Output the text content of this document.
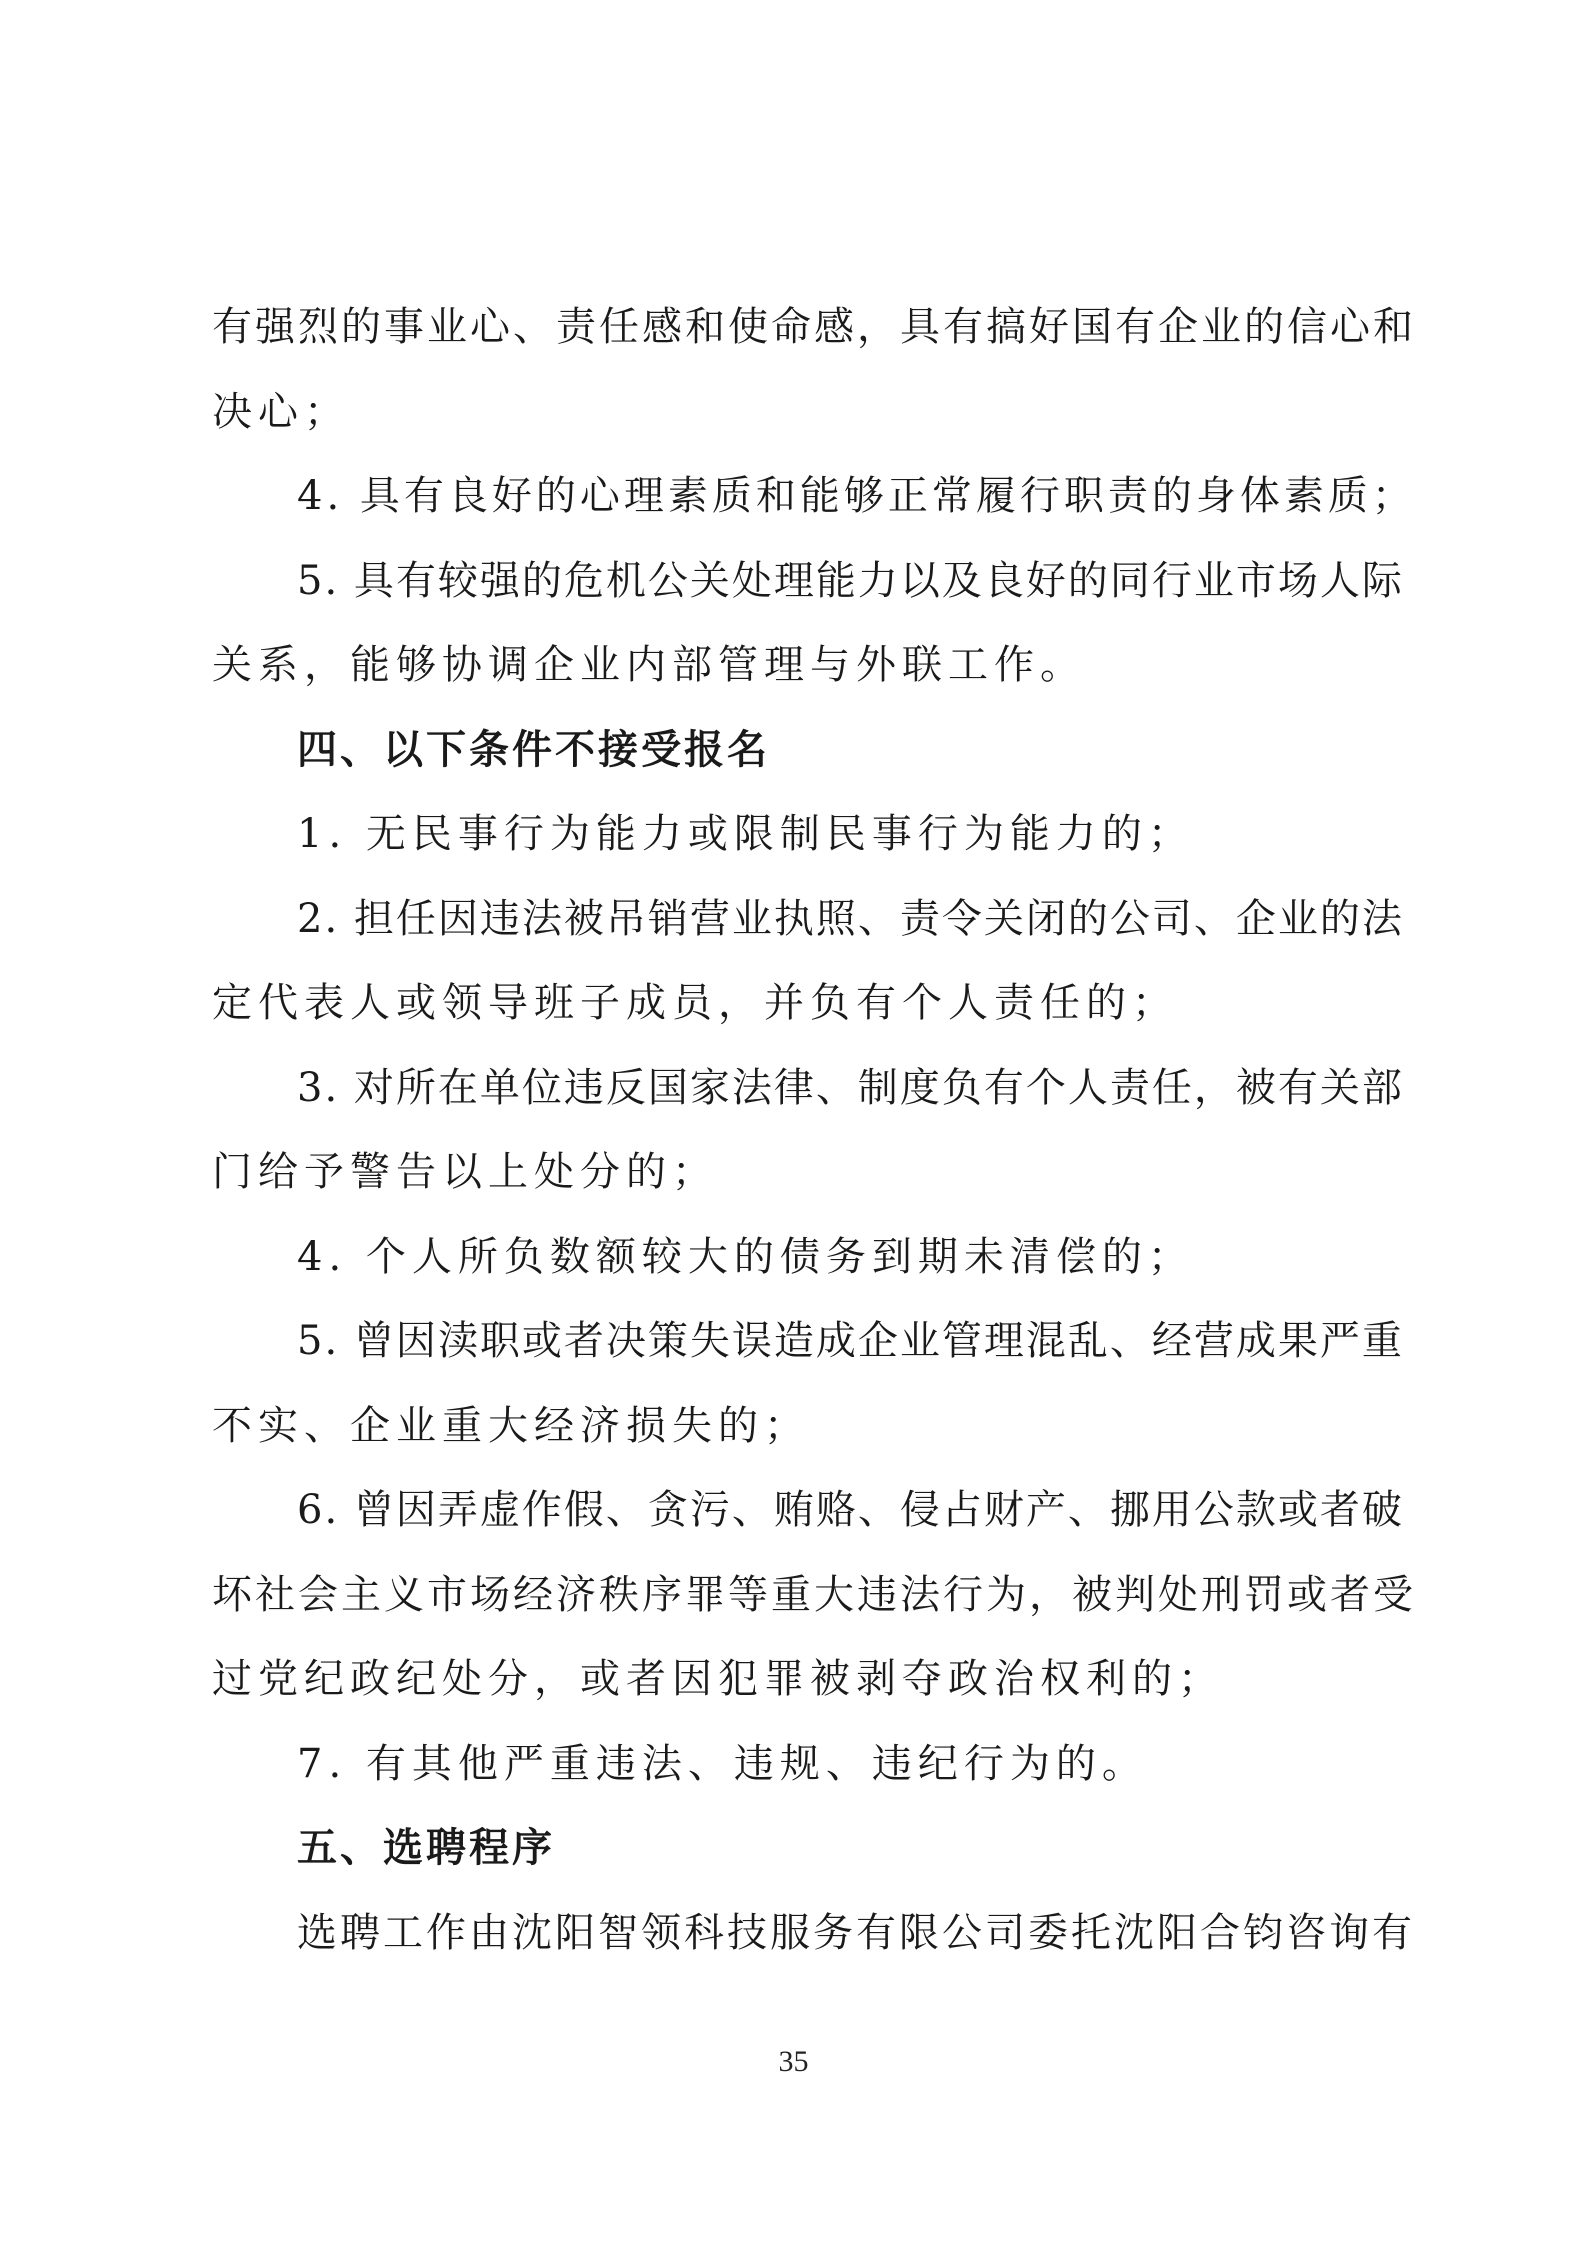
有强烈的事业心、责任感和使命感，具有搞好国有企业的信心和
决心；
4. 具有良好的心理素质和能够正常履行职责的身体素质；
5. 具有较强的危机公关处理能力以及良好的同行业市场人际
关系，能够协调企业内部管理与外联工作。
四、以下条件不接受报名
1. 无民事行为能力或限制民事行为能力的；
2. 担任因违法被吊销营业执照、责令关闭的公司、企业的法
定代表人或领导班子成员，并负有个人责任的；
3. 对所在单位违反国家法律、制度负有个人责任，被有关部
门给予警告以上处分的；
4. 个人所负数额较大的债务到期未清偿的；
5. 曾因渎职或者决策失误造成企业管理混乱、经营成果严重
不实、企业重大经济损失的；
6. 曾因弄虚作假、贪污、贿赂、侵占财产、挪用公款或者破
坏社会主义市场经济秩序罪等重大违法行为，被判处刑罚或者受
过党纪政纪处分，或者因犯罪被剥夺政治权利的；
7. 有其他严重违法、违规、违纪行为的。
五、选聘程序
选聘工作由沈阳智领科技服务有限公司委托沈阳合钧咨询有
35
